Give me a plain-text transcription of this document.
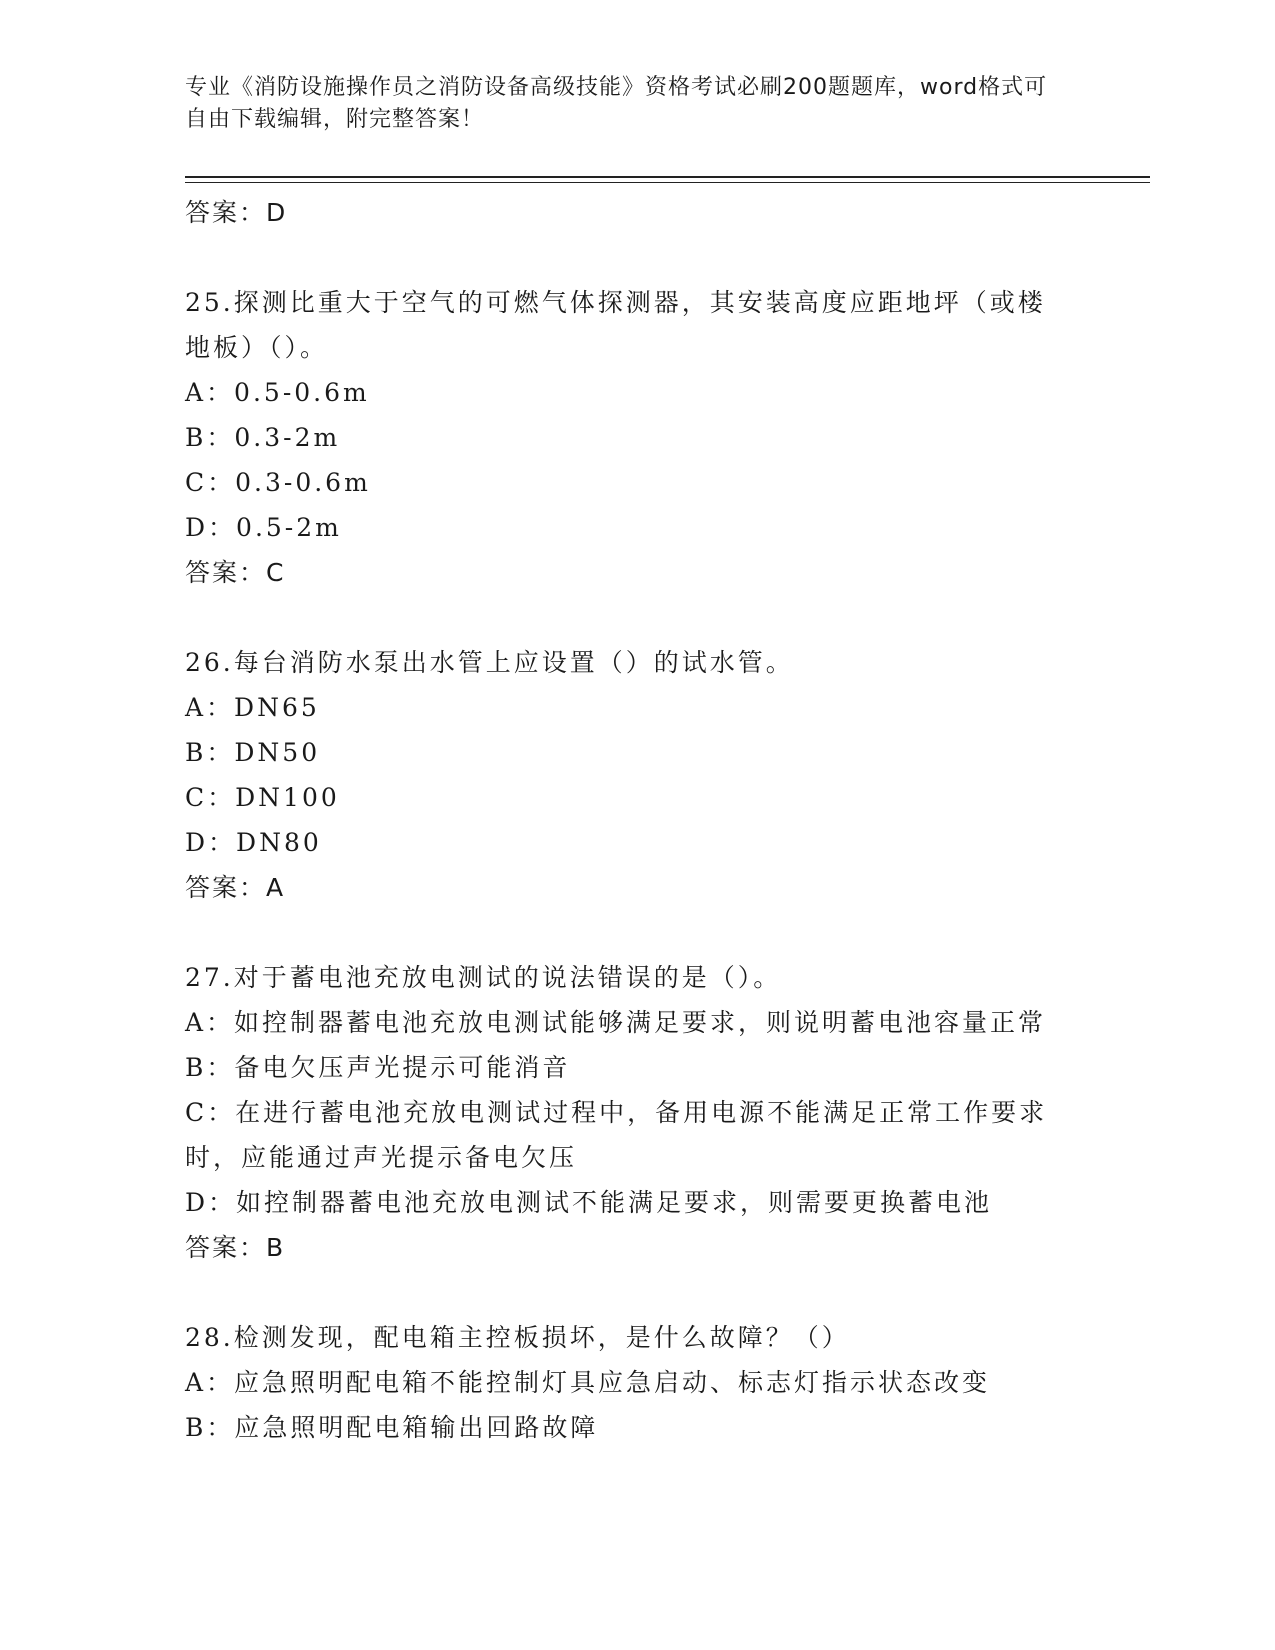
专业《消防设施操作员之消防设备高级技能》资格考试必刷200题题库，word格式可自由下载编辑，附完整答案！
答案：D
25.探测比重大于空气的可燃气体探测器，其安装高度应距地坪（或楼
地板）（）。
A：0.5-0.6m
B：0.3-2m
C：0.3-0.6m
D：0.5-2m
答案：C
26.每台消防水泵出水管上应设置（）的试水管。
A：DN65
B：DN50
C：DN100
D：DN80
答案：A
27.对于蓄电池充放电测试的说法错误的是（）。
A：如控制器蓄电池充放电测试能够满足要求，则说明蓄电池容量正常
B：备电欠压声光提示可能消音
C：在进行蓄电池充放电测试过程中，备用电源不能满足正常工作要求
时，应能通过声光提示备电欠压
D：如控制器蓄电池充放电测试不能满足要求，则需要更换蓄电池
答案：B
28.检测发现，配电箱主控板损坏，是什么故障？（）
A：应急照明配电箱不能控制灯具应急启动、标志灯指示状态改变
B：应急照明配电箱输出回路故障
